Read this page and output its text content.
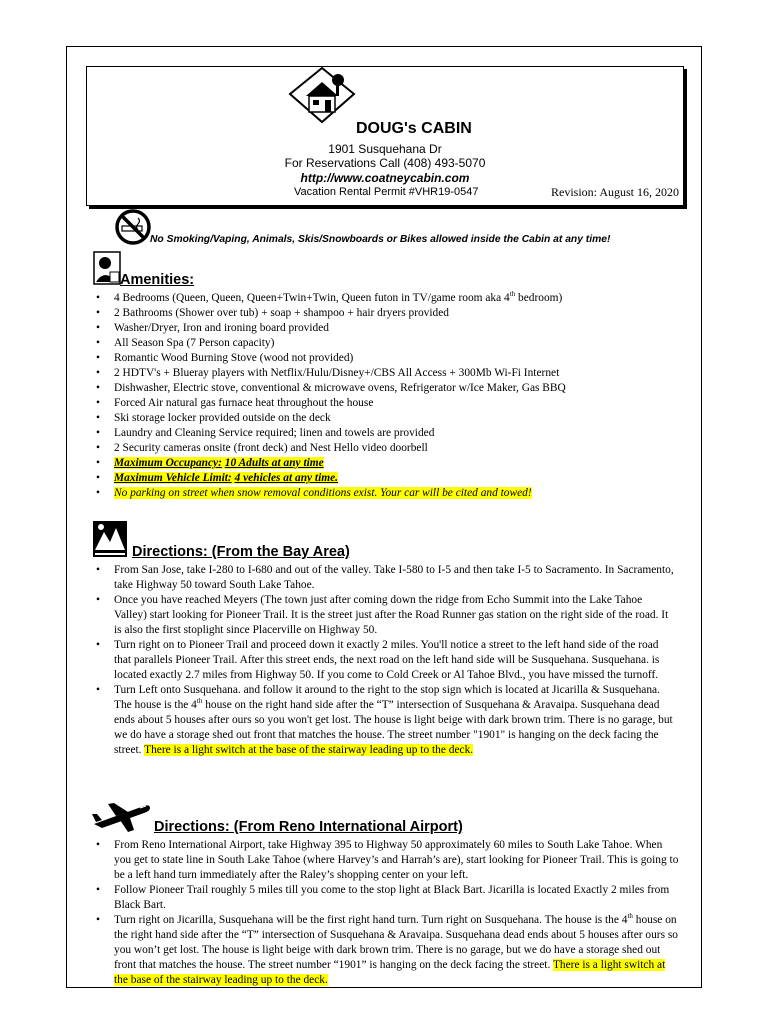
DOUG's CABIN
1901 Susquehana Dr
For Reservations Call (408) 493-5070
http://www.coatneycabin.com
Vacation Rental Permit #VHR19-0547	Revision: August 16, 2020
No Smoking/Vaping, Animals, Skis/Snowboards or Bikes allowed inside the Cabin at any time!
Amenities:
• 4 Bedrooms (Queen, Queen, Queen+Twin+Twin, Queen futon in TV/game room aka 4th bedroom)
• 2 Bathrooms (Shower over tub) + soap + shampoo + hair dryers provided
• Washer/Dryer, Iron and ironing board provided
• All Season Spa (7 Person capacity)
• Romantic Wood Burning Stove (wood not provided)
• 2 HDTV's + Blueray players with Netflix/Hulu/Disney+/CBS All Access + 300Mb Wi-Fi Internet
• Dishwasher, Electric stove, conventional & microwave ovens, Refrigerator w/Ice Maker, Gas BBQ
• Forced Air natural gas furnace heat throughout the house
• Ski storage locker provided outside on the deck
• Laundry and Cleaning Service required; linen and towels are provided
• 2 Security cameras onsite (front deck) and Nest Hello video doorbell
• Maximum Occupancy: 10 Adults at any time
• Maximum Vehicle Limit: 4 vehicles at any time.
• No parking on street when snow removal conditions exist. Your car will be cited and towed!
Directions: (From the Bay Area)
• From San Jose, take I-280 to I-680 and out of the valley. Take I-580 to I-5 and then take I-5 to Sacramento. In Sacramento, take Highway 50 toward South Lake Tahoe.
• Once you have reached Meyers (The town just after coming down the ridge from Echo Summit into the Lake Tahoe Valley) start looking for Pioneer Trail. It is the street just after the Road Runner gas station on the right side of the road. It is also the first stoplight since Placerville on Highway 50.
• Turn right on to Pioneer Trail and proceed down it exactly 2 miles. You'll notice a street to the left hand side of the road that parallels Pioneer Trail. After this street ends, the next road on the left hand side will be Susquehana. Susquehana. is located exactly 2.7 miles from Highway 50. If you come to Cold Creek or Al Tahoe Blvd., you have missed the turnoff.
• Turn Left onto Susquehana. and follow it around to the right to the stop sign which is located at Jicarilla & Susquehana. The house is the 4th house on the right hand side after the “T” intersection of Susquehana & Aravaipa. Susquehana dead ends about 5 houses after ours so you won't get lost. The house is light beige with dark brown trim. There is no garage, but we do have a storage shed out front that matches the house. The street number "1901" is hanging on the deck facing the street. There is a light switch at the base of the stairway leading up to the deck.
Directions: (From Reno International Airport)
• From Reno International Airport, take Highway 395 to Highway 50 approximately 60 miles to South Lake Tahoe. When you get to state line in South Lake Tahoe (where Harvey’s and Harrah’s are), start looking for Pioneer Trail. This is going to be a left hand turn immediately after the Raley’s shopping center on your left.
• Follow Pioneer Trail roughly 5 miles till you come to the stop light at Black Bart. Jicarilla is located Exactly 2 miles from Black Bart.
• Turn right on Jicarilla, Susquehana will be the first right hand turn. Turn right on Susquehana. The house is the 4th house on the right hand side after the “T” intersection of Susquehana & Aravaipa. Susquehana dead ends about 5 houses after ours so you won’t get lost. The house is light beige with dark brown trim. There is no garage, but we do have a storage shed out front that matches the house. The street number “1901” is hanging on the deck facing the street. There is a light switch at the base of the stairway leading up to the deck.
